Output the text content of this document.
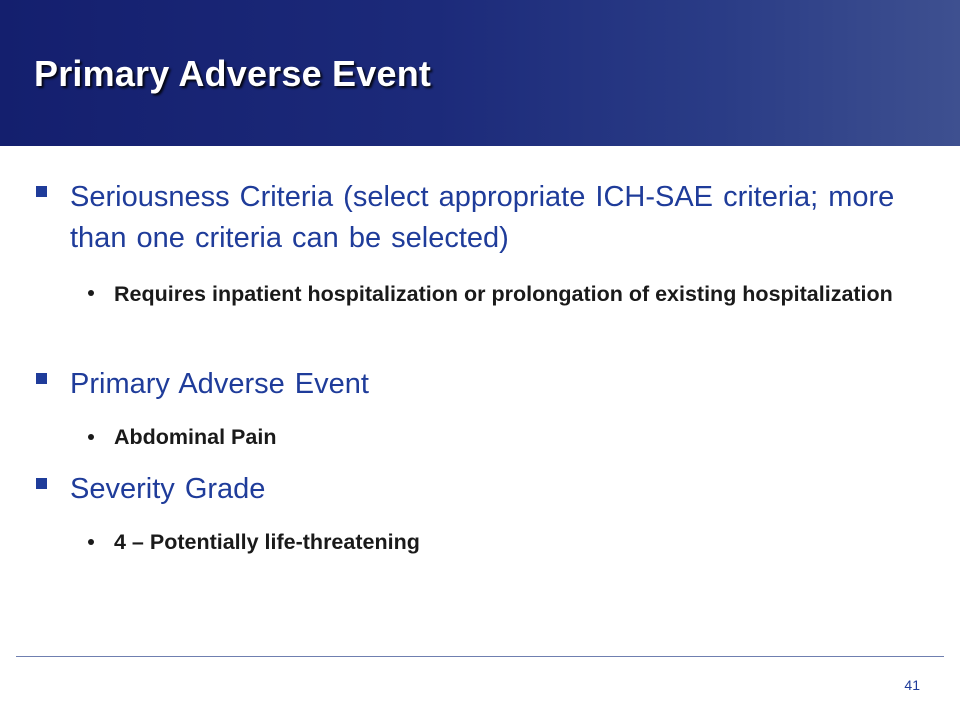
Primary Adverse Event
Seriousness Criteria (select appropriate ICH-SAE criteria; more than one criteria can be selected)
Requires inpatient hospitalization or prolongation of existing hospitalization
Primary Adverse Event
Abdominal Pain
Severity Grade
4 – Potentially life-threatening
41
